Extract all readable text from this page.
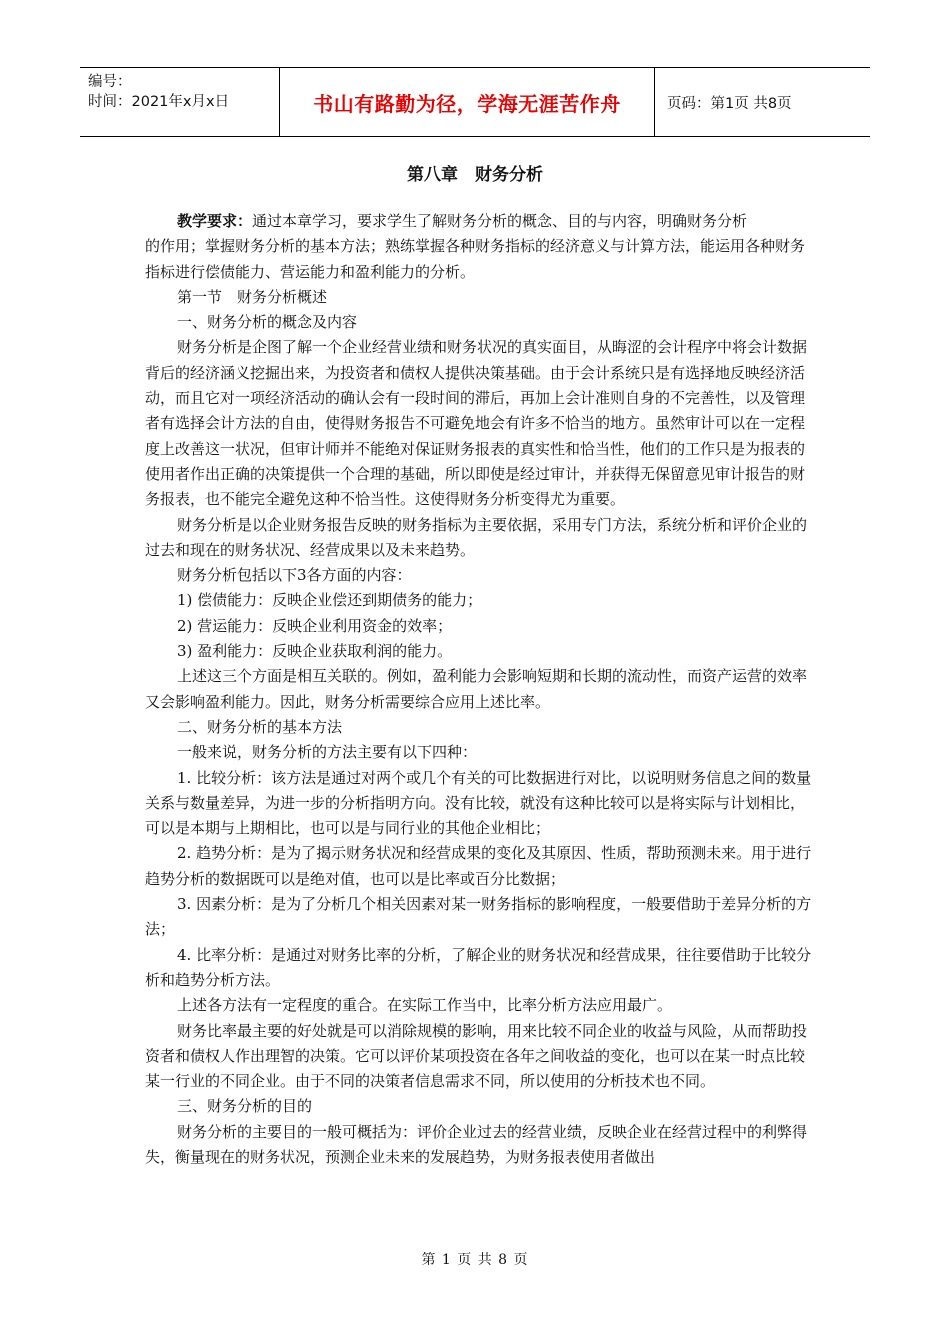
编号：
时间：2021年x月x日	书山有路勤为径，学海无涯苦作舟	页码：第1页 共8页
第八章　财务分析

教学要求：通过本章学习，要求学生了解财务分析的概念、目的与内容，明确财务分析

的作用；掌握财务分析的基本方法；熟练掌握各种财务指标的经济意义与计算方法，能运用各种财务指标进行偿债能力、营运能力和盈利能力的分析。

第一节　财务分析概述

一、财务分析的概念及内容

财务分析是企图了解一个企业经营业绩和财务状况的真实面目，从晦涩的会计程序中将会计数据背后的经济涵义挖掘出来，为投资者和债权人提供决策基础。由于会计系统只是有选择地反映经济活动，而且它对一项经济活动的确认会有一段时间的滞后，再加上会计准则自身的不完善性，以及管理者有选择会计方法的自由，使得财务报告不可避免地会有许多不恰当的地方。虽然审计可以在一定程度上改善这一状况，但审计师并不能绝对保证财务报表的真实性和恰当性，他们的工作只是为报表的使用者作出正确的决策提供一个合理的基础，所以即使是经过审计，并获得无保留意见审计报告的财务报表，也不能完全避免这种不恰当性。这使得财务分析变得尤为重要。

财务分析是以企业财务报告反映的财务指标为主要依据，采用专门方法，系统分析和评价企业的过去和现在的财务状况、经营成果以及未来趋势。

财务分析包括以下3各方面的内容：

1) 偿债能力：反映企业偿还到期债务的能力；

2) 营运能力：反映企业利用资金的效率；

3) 盈利能力：反映企业获取利润的能力。

上述这三个方面是相互关联的。例如，盈利能力会影响短期和长期的流动性，而资产运营的效率又会影响盈利能力。因此，财务分析需要综合应用上述比率。

二、财务分析的基本方法

一般来说，财务分析的方法主要有以下四种：

1. 比较分析：该方法是通过对两个或几个有关的可比数据进行对比，以说明财务信息之间的数量关系与数量差异，为进一步的分析指明方向。没有比较，就没有这种比较可以是将实际与计划相比，可以是本期与上期相比，也可以是与同行业的其他企业相比；

2. 趋势分析：是为了揭示财务状况和经营成果的变化及其原因、性质，帮助预测未来。用于进行趋势分析的数据既可以是绝对值，也可以是比率或百分比数据；

3. 因素分析：是为了分析几个相关因素对某一财务指标的影响程度，一般要借助于差异分析的方法；

4. 比率分析：是通过对财务比率的分析，了解企业的财务状况和经营成果，往往要借助于比较分析和趋势分析方法。

上述各方法有一定程度的重合。在实际工作当中，比率分析方法应用最广。

财务比率最主要的好处就是可以消除规模的影响，用来比较不同企业的收益与风险，从而帮助投资者和债权人作出理智的决策。它可以评价某项投资在各年之间收益的变化，也可以在某一时点比较某一行业的不同企业。由于不同的决策者信息需求不同，所以使用的分析技术也不同。

三、财务分析的目的

财务分析的主要目的一般可概括为：评价企业过去的经营业绩，反映企业在经营过程中的利弊得失，衡量现在的财务状况，预测企业未来的发展趋势，为财务报表使用者做出

第 1 页 共 8 页
